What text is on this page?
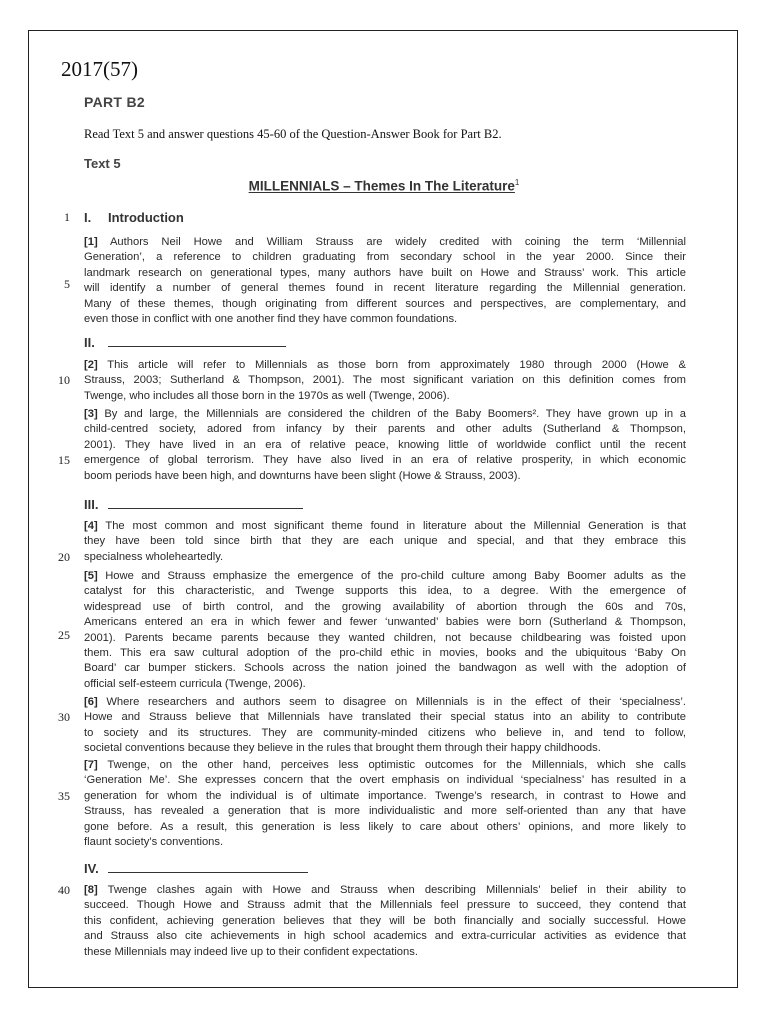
2017(57)
PART B2
Read Text 5 and answer questions 45-60 of the Question-Answer Book for Part B2.
Text 5
MILLENNIALS – Themes In The Literature$^1$
1
5
10
15
20
25
30
35
40
I. Introduction
[1] Authors Neil Howe and William Strauss are widely credited with coining the term ‘Millennial
Generation’, a reference to children graduating from secondary school in the year 2000. Since their
landmark research on generational types, many authors have built on Howe and Strauss’ work. This article
will identify a number of general themes found in recent literature regarding the Millennial generation.
Many of these themes, though originating from different sources and perspectives, are complementary, and
even those in conflict with one another find they have common foundations.
II.
[2] This article will refer to Millennials as those born from approximately 1980 through 2000 (Howe &
Strauss, 2003; Sutherland & Thompson, 2001). The most significant variation on this definition comes from
Twenge, who includes all those born in the 1970s as well (Twenge, 2006).
[3] By and large, the Millennials are considered the children of the Baby Boomers². They have grown up in a
child-centred society, adored from infancy by their parents and other adults (Sutherland & Thompson,
2001). They have lived in an era of relative peace, knowing little of worldwide conflict until the recent
emergence of global terrorism. They have also lived in an era of relative prosperity, in which economic
boom periods have been high, and downturns have been slight (Howe & Strauss, 2003).
III.
[4] The most common and most significant theme found in literature about the Millennial Generation is that
they have been told since birth that they are each unique and special, and that they embrace this
specialness wholeheartedly.
[5] Howe and Strauss emphasize the emergence of the pro-child culture among Baby Boomer adults as the
catalyst for this characteristic, and Twenge supports this idea, to a degree. With the emergence of
widespread use of birth control, and the growing availability of abortion through the 60s and 70s,
Americans entered an era in which fewer and fewer ‘unwanted’ babies were born (Sutherland & Thompson,
2001). Parents became parents because they wanted children, not because childbearing was foisted upon
them. This era saw cultural adoption of the pro-child ethic in movies, books and the ubiquitous ‘Baby On
Board’ car bumper stickers. Schools across the nation joined the bandwagon as well with the adoption of
official self-esteem curricula (Twenge, 2006).
[6] Where researchers and authors seem to disagree on Millennials is in the effect of their ‘specialness’.
Howe and Strauss believe that Millennials have translated their special status into an ability to contribute
to society and its structures. They are community-minded citizens who believe in, and tend to follow,
societal conventions because they believe in the rules that brought them through their happy childhoods.
[7] Twenge, on the other hand, perceives less optimistic outcomes for the Millennials, which she calls
‘Generation Me’. She expresses concern that the overt emphasis on individual ‘specialness’ has resulted in a
generation for whom the individual is of ultimate importance. Twenge’s research, in contrast to Howe and
Strauss, has revealed a generation that is more individualistic and more self-oriented than any that have
gone before. As a result, this generation is less likely to care about others’ opinions, and more likely to
flaunt society’s conventions.
IV.
[8] Twenge clashes again with Howe and Strauss when describing Millennials’ belief in their ability to
succeed. Though Howe and Strauss admit that the Millennials feel pressure to succeed, they contend that
this confident, achieving generation believes that they will be both financially and socially successful. Howe
and Strauss also cite achievements in high school academics and extra-curricular activities as evidence that
these Millennials may indeed live up to their confident expectations.
